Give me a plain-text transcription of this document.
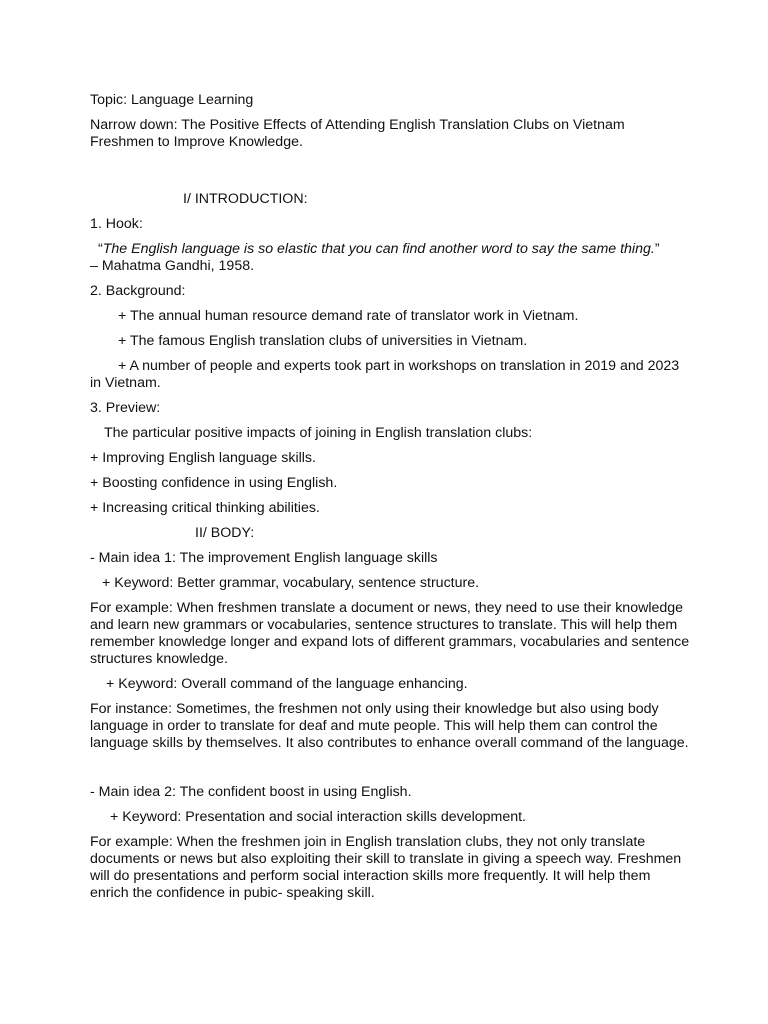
Topic: Language Learning

Narrow down: The Positive Effects of Attending English Translation Clubs on Vietnam Freshmen to Improve Knowledge.

I/ INTRODUCTION:

1. Hook:

“The English language is so elastic that you can find another word to say the same thing.”

– Mahatma Gandhi, 1958.

2. Background:

+ The annual human resource demand rate of translator work in Vietnam.

+ The famous English translation clubs of universities in Vietnam.

+ A number of people and experts took part in workshops on translation in 2019 and 2023 in Vietnam.

3. Preview:

The particular positive impacts of joining in English translation clubs:

+ Improving English language skills.

+ Boosting confidence in using English.

+ Increasing critical thinking abilities.

II/ BODY:

- Main idea 1: The improvement English language skills

+ Keyword: Better grammar, vocabulary, sentence structure.

For example: When freshmen translate a document or news, they need to use their knowledge and learn new grammars or vocabularies, sentence structures to translate. This will help them remember knowledge longer and expand lots of different grammars, vocabularies and sentence structures knowledge.

+ Keyword: Overall command of the language enhancing.

For instance: Sometimes, the freshmen not only using their knowledge but also using body language in order to translate for deaf and mute people. This will help them can control the language skills by themselves. It also contributes to enhance overall command of the language.

- Main idea 2: The confident boost in using English.

+ Keyword: Presentation and social interaction skills development.

For example: When the freshmen join in English translation clubs, they not only translate documents or news but also exploiting their skill to translate in giving a speech way. Freshmen will do presentations and perform social interaction skills more frequently. It will help them enrich the confidence in pubic- speaking skill.
